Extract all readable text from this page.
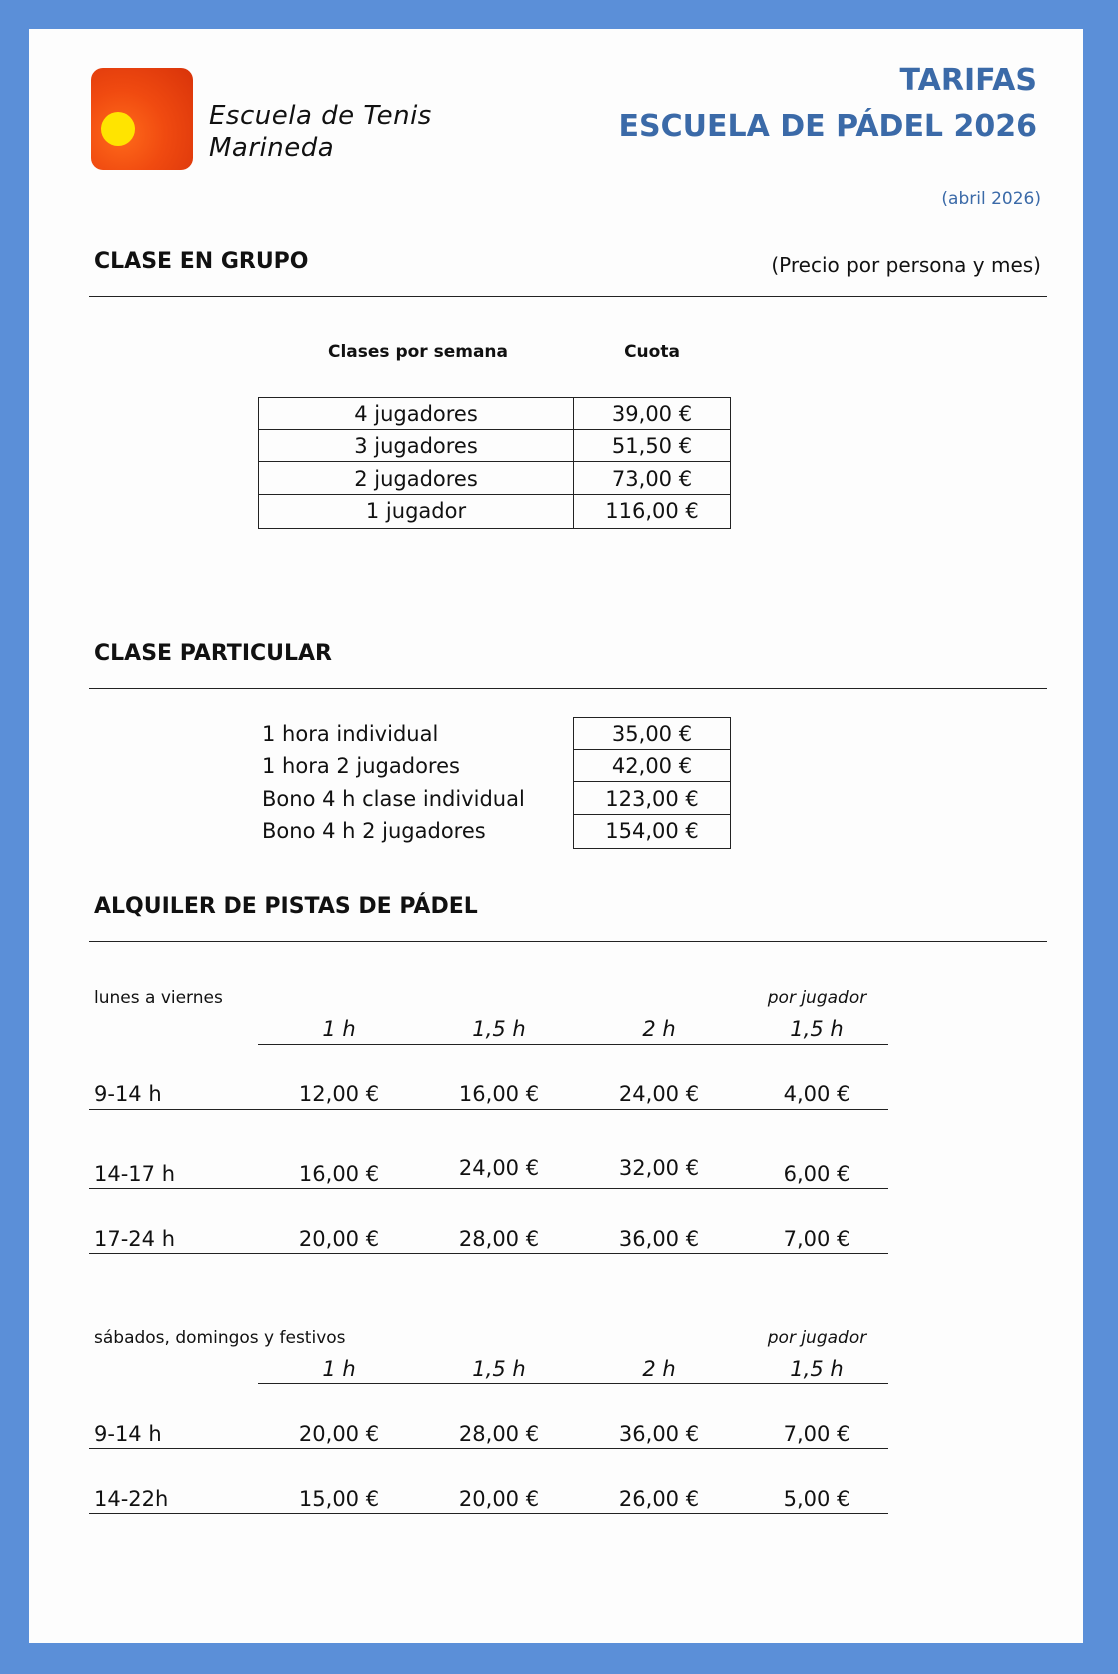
Escuela de Tenis
Marineda
TARIFAS
ESCUELA DE PÁDEL 2026
(abril 2026)
CLASE EN GRUPO	(Precio por persona y mes)
Clases por semana	Cuota
4 jugadores	39,00 €
3 jugadores	51,50 €
2 jugadores	73,00 €
1 jugador	116,00 €
CLASE PARTICULAR
1 hora individual	35,00 €
1 hora 2 jugadores	42,00 €
Bono 4 h clase individual	123,00 €
Bono 4 h 2 jugadores	154,00 €
ALQUILER DE PISTAS DE PÁDEL
lunes a viernes	por jugador
1 h	1,5 h	2 h	1,5 h
9-14 h	12,00 €	16,00 €	24,00 €	4,00 €
14-17 h	16,00 €	24,00 €	32,00 €	6,00 €
17-24 h	20,00 €	28,00 €	36,00 €	7,00 €
sábados, domingos y festivos	por jugador
1 h	1,5 h	2 h	1,5 h
9-14 h	20,00 €	28,00 €	36,00 €	7,00 €
14-22h	15,00 €	20,00 €	26,00 €	5,00 €
